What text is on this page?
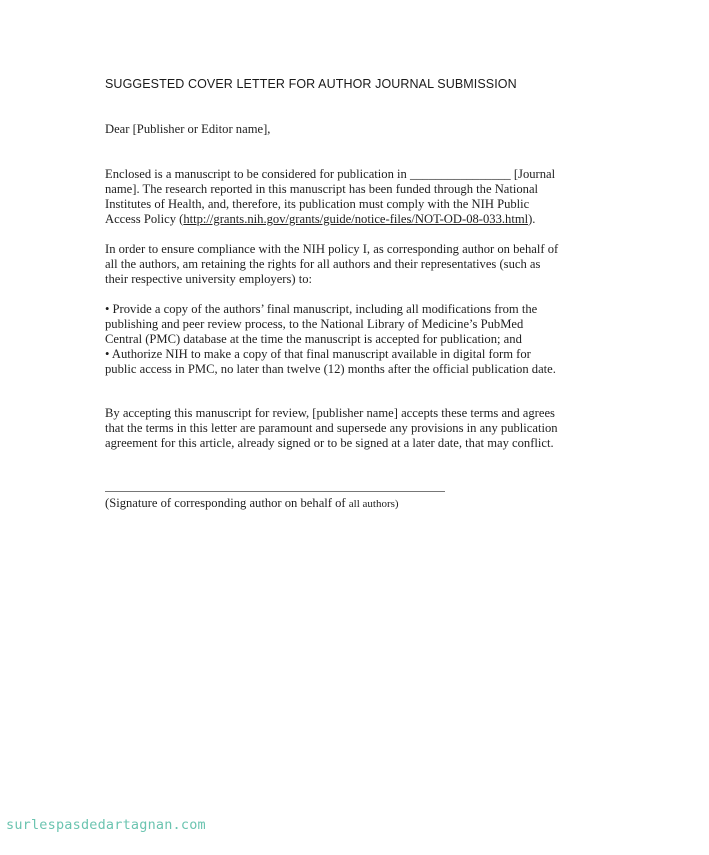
SUGGESTED COVER LETTER FOR AUTHOR JOURNAL SUBMISSION
Dear [Publisher or Editor name],
Enclosed is a manuscript to be considered for publication in ________________ [Journal
name]. The research reported in this manuscript has been funded through the National
Institutes of Health, and, therefore, its publication must comply with the NIH Public
Access Policy (http://grants.nih.gov/grants/guide/notice-files/NOT-OD-08-033.html).
In order to ensure compliance with the NIH policy I, as corresponding author on behalf of
all the authors, am retaining the rights for all authors and their representatives (such as
their respective university employers) to:
• Provide a copy of the authors’ final manuscript, including all modifications from the
publishing and peer review process, to the National Library of Medicine’s PubMed
Central (PMC) database at the time the manuscript is accepted for publication; and
• Authorize NIH to make a copy of that final manuscript available in digital form for
public access in PMC, no later than twelve (12) months after the official publication date.
By accepting this manuscript for review, [publisher name] accepts these terms and agrees
that the terms in this letter are paramount and supersede any provisions in any publication
agreement for this article, already signed or to be signed at a later date, that may conflict.
(Signature of corresponding author on behalf of all authors)
surlespasdedartagnan.com
